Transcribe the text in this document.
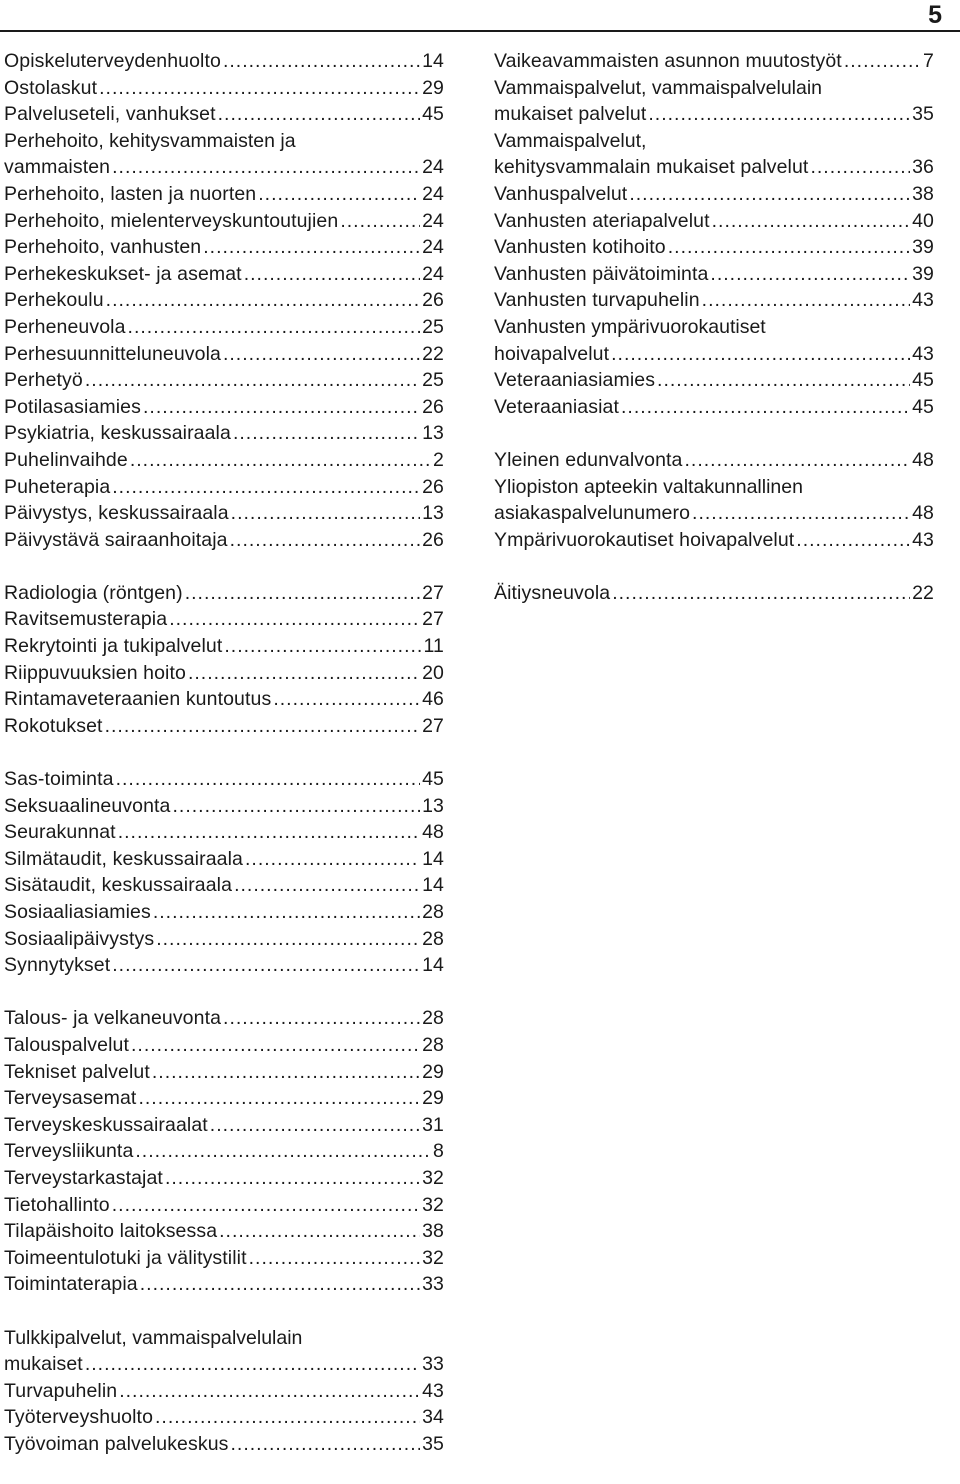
5
Opiskeluterveydenhuolto .....	14
Ostolaskut .....	29
Palveluseteli, vanhukset .....	45
Perhehoito, kehitysvammaisten ja
vammaisten .....	24
Perhehoito, lasten ja nuorten .....	24
Perhehoito, mielenterveyskuntoutujien .....	24
Perhehoito, vanhusten .....	24
Perhekeskukset- ja asemat .....	24
Perhekoulu .....	26
Perheneuvola .....	25
Perhesuunnitteluneuvola .....	22
Perhetyö .....	25
Potilasasiamies .....	26
Psykiatria, keskussairaala .....	13
Puhelinvaihde .....	2
Puheterapia .....	26
Päivystys, keskussairaala .....	13
Päivystävä sairaanhoitaja .....	26
Radiologia (röntgen) .....	27
Ravitsemusterapia .....	27
Rekrytointi ja tukipalvelut .....	11
Riippuvuuksien hoito .....	20
Rintamaveteraanien kuntoutus .....	46
Rokotukset .....	27
Sas-toiminta .....	45
Seksuaalineuvonta .....	13
Seurakunnat .....	48
Silmätaudit, keskussairaala .....	14
Sisätaudit, keskussairaala .....	14
Sosiaaliasiamies .....	28
Sosiaalipäivystys .....	28
Synnytykset .....	14
Talous- ja velkaneuvonta .....	28
Talouspalvelut .....	28
Tekniset palvelut .....	29
Terveysasemat .....	29
Terveyskeskussairaalat .....	31
Terveysliikunta .....	8
Terveystarkastajat .....	32
Tietohallinto .....	32
Tilapäishoito laitoksessa .....	38
Toimeentulotuki ja välitystilit .....	32
Toimintaterapia .....	33
Tulkkipalvelut, vammaispalvelulain
mukaiset .....	33
Turvapuhelin .....	43
Työterveyshuolto .....	34
Työvoiman palvelukeskus .....	35
Vaikeavammaisten asunnon muutostyöt .....	7
Vammaispalvelut, vammaispalvelulain
mukaiset palvelut .....	35
Vammaispalvelut,
kehitysvammalain mukaiset palvelut .....	36
Vanhuspalvelut .....	38
Vanhusten ateriapalvelut .....	40
Vanhusten kotihoito .....	39
Vanhusten päivätoiminta .....	39
Vanhusten turvapuhelin .....	43
Vanhusten ympärivuorokautiset
hoivapalvelut .....	43
Veteraaniasiamies .....	45
Veteraaniasiat .....	45
Yleinen edunvalvonta .....	48
Yliopiston apteekin valtakunnallinen
asiakaspalvelunumero .....	48
Ympärivuorokautiset hoivapalvelut .....	43
Äitiysneuvola .....	22
